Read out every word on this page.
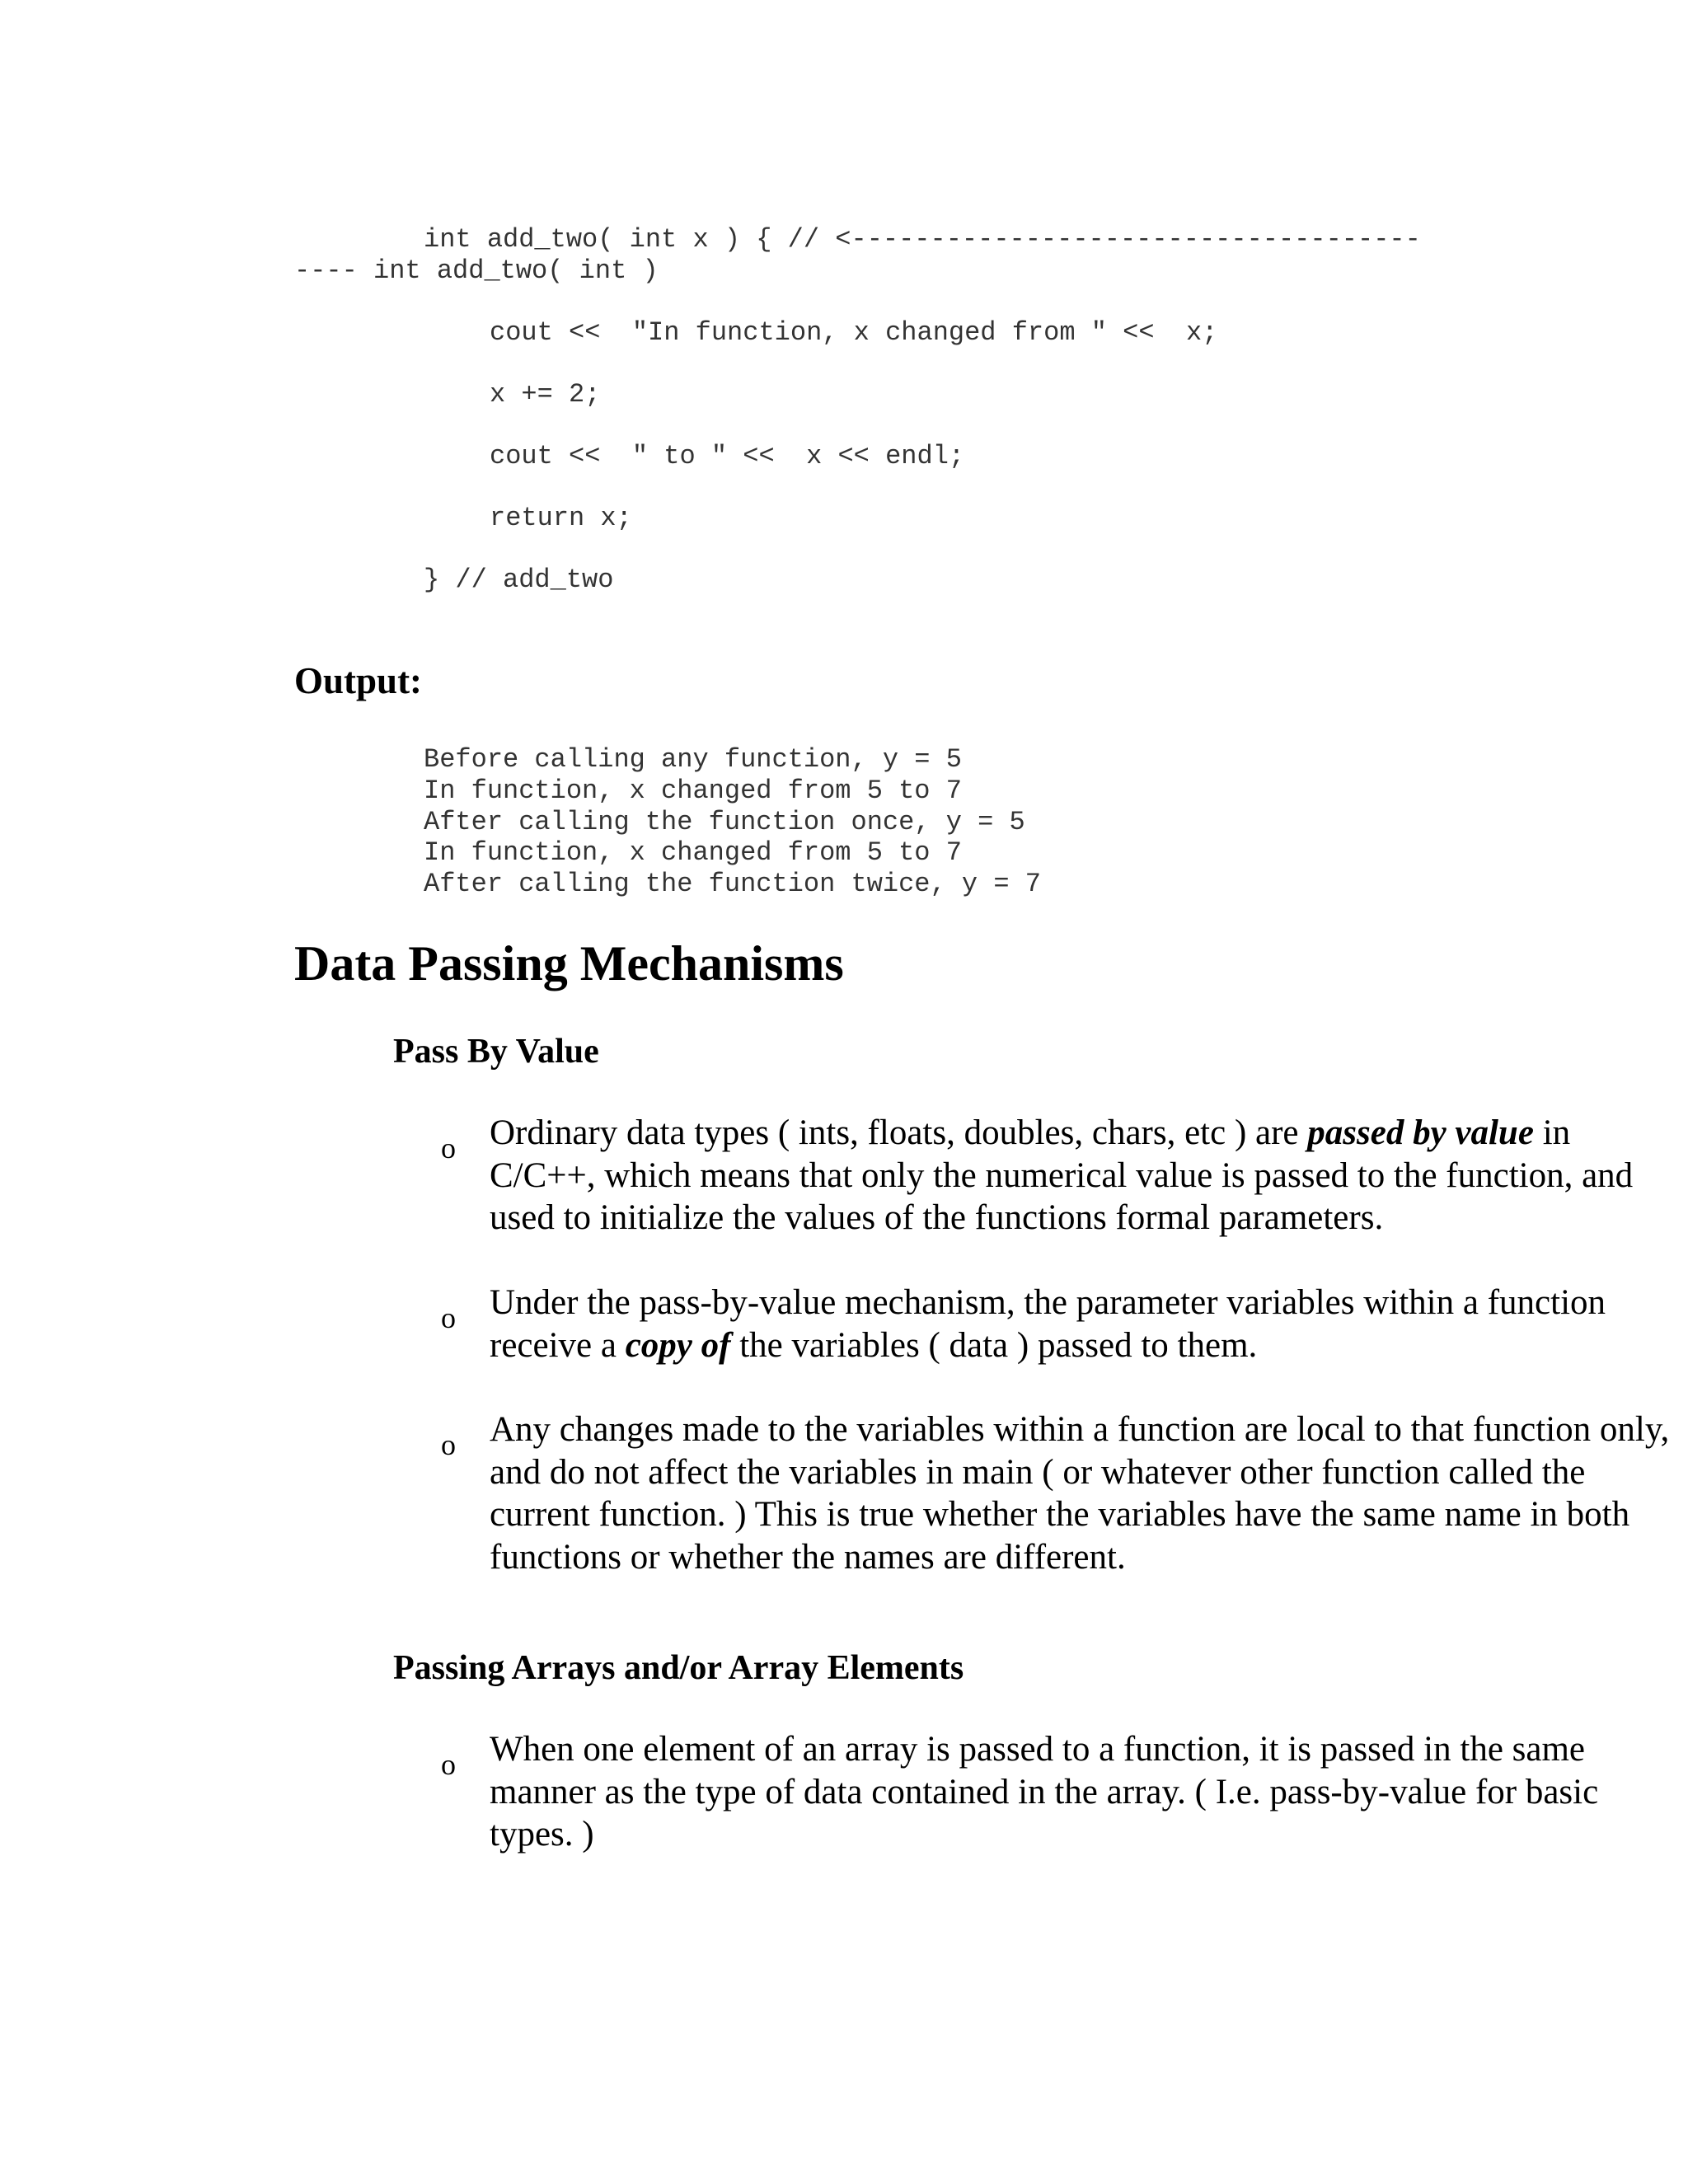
int add_two( int x ) { // <------------------------------------
---- int add_two( int )
cout <<  "In function, x changed from " <<  x;
x += 2;
cout <<  " to " <<  x << endl;
return x;
} // add_two
Output:
Before calling any function, y = 5
In function, x changed from 5 to 7
After calling the function once, y = 5
In function, x changed from 5 to 7
After calling the function twice, y = 7
Data Passing Mechanisms
Pass By Value
o Ordinary data types ( ints, floats, doubles, chars, etc ) are passed by value in C/C++, which means that only the numerical value is passed to the function, and used to initialize the values of the functions formal parameters.
o Under the pass-by-value mechanism, the parameter variables within a function receive a copy of the variables ( data ) passed to them.
o Any changes made to the variables within a function are local to that function only, and do not affect the variables in main ( or whatever other function called the current function. ) This is true whether the variables have the same name in both functions or whether the names are different.
Passing Arrays and/or Array Elements
o When one element of an array is passed to a function, it is passed in the same manner as the type of data contained in the array. ( I.e. pass-by-value for basic types. )
